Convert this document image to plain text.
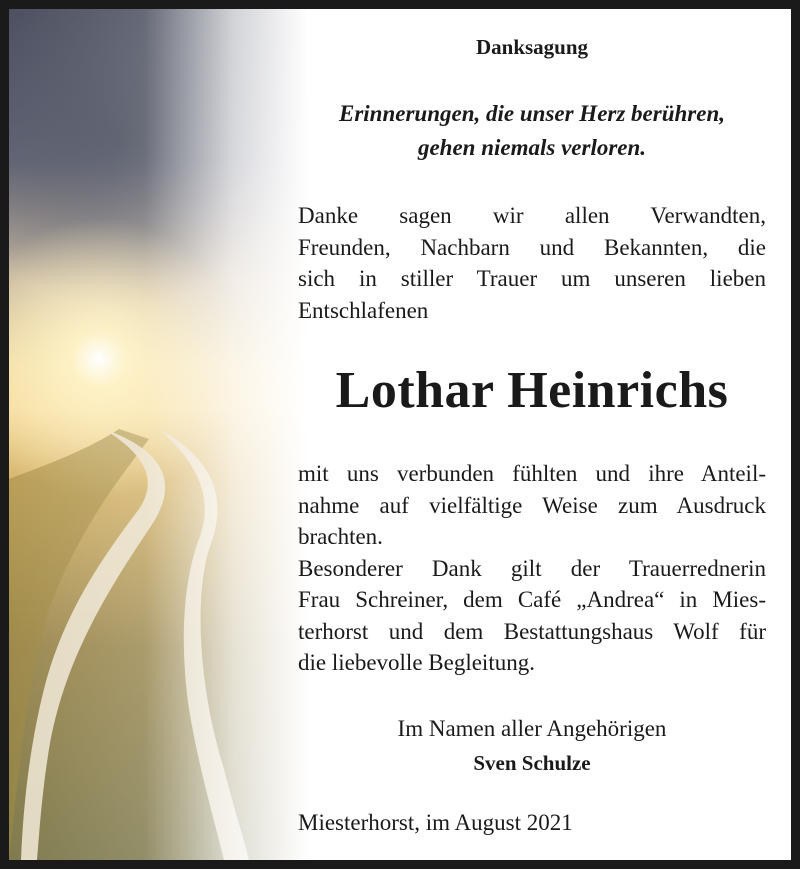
Danksagung
Erinnerungen, die unser Herz berühren,
gehen niemals verloren.
Danke sagen wir allen Verwandten,
Freunden, Nachbarn und Bekannten, die
sich in stiller Trauer um unseren lieben
Entschlafenen
Lothar Heinrichs
mit uns verbunden fühlten und ihre Anteil-
nahme auf vielfältige Weise zum Ausdruck
brachten.
Besonderer Dank gilt der Trauerrednerin
Frau Schreiner, dem Café „Andrea“ in Mies-
terhorst und dem Bestattungshaus Wolf für
die liebevolle Begleitung.
Im Namen aller Angehörigen
Sven Schulze
Miesterhorst, im August 2021
